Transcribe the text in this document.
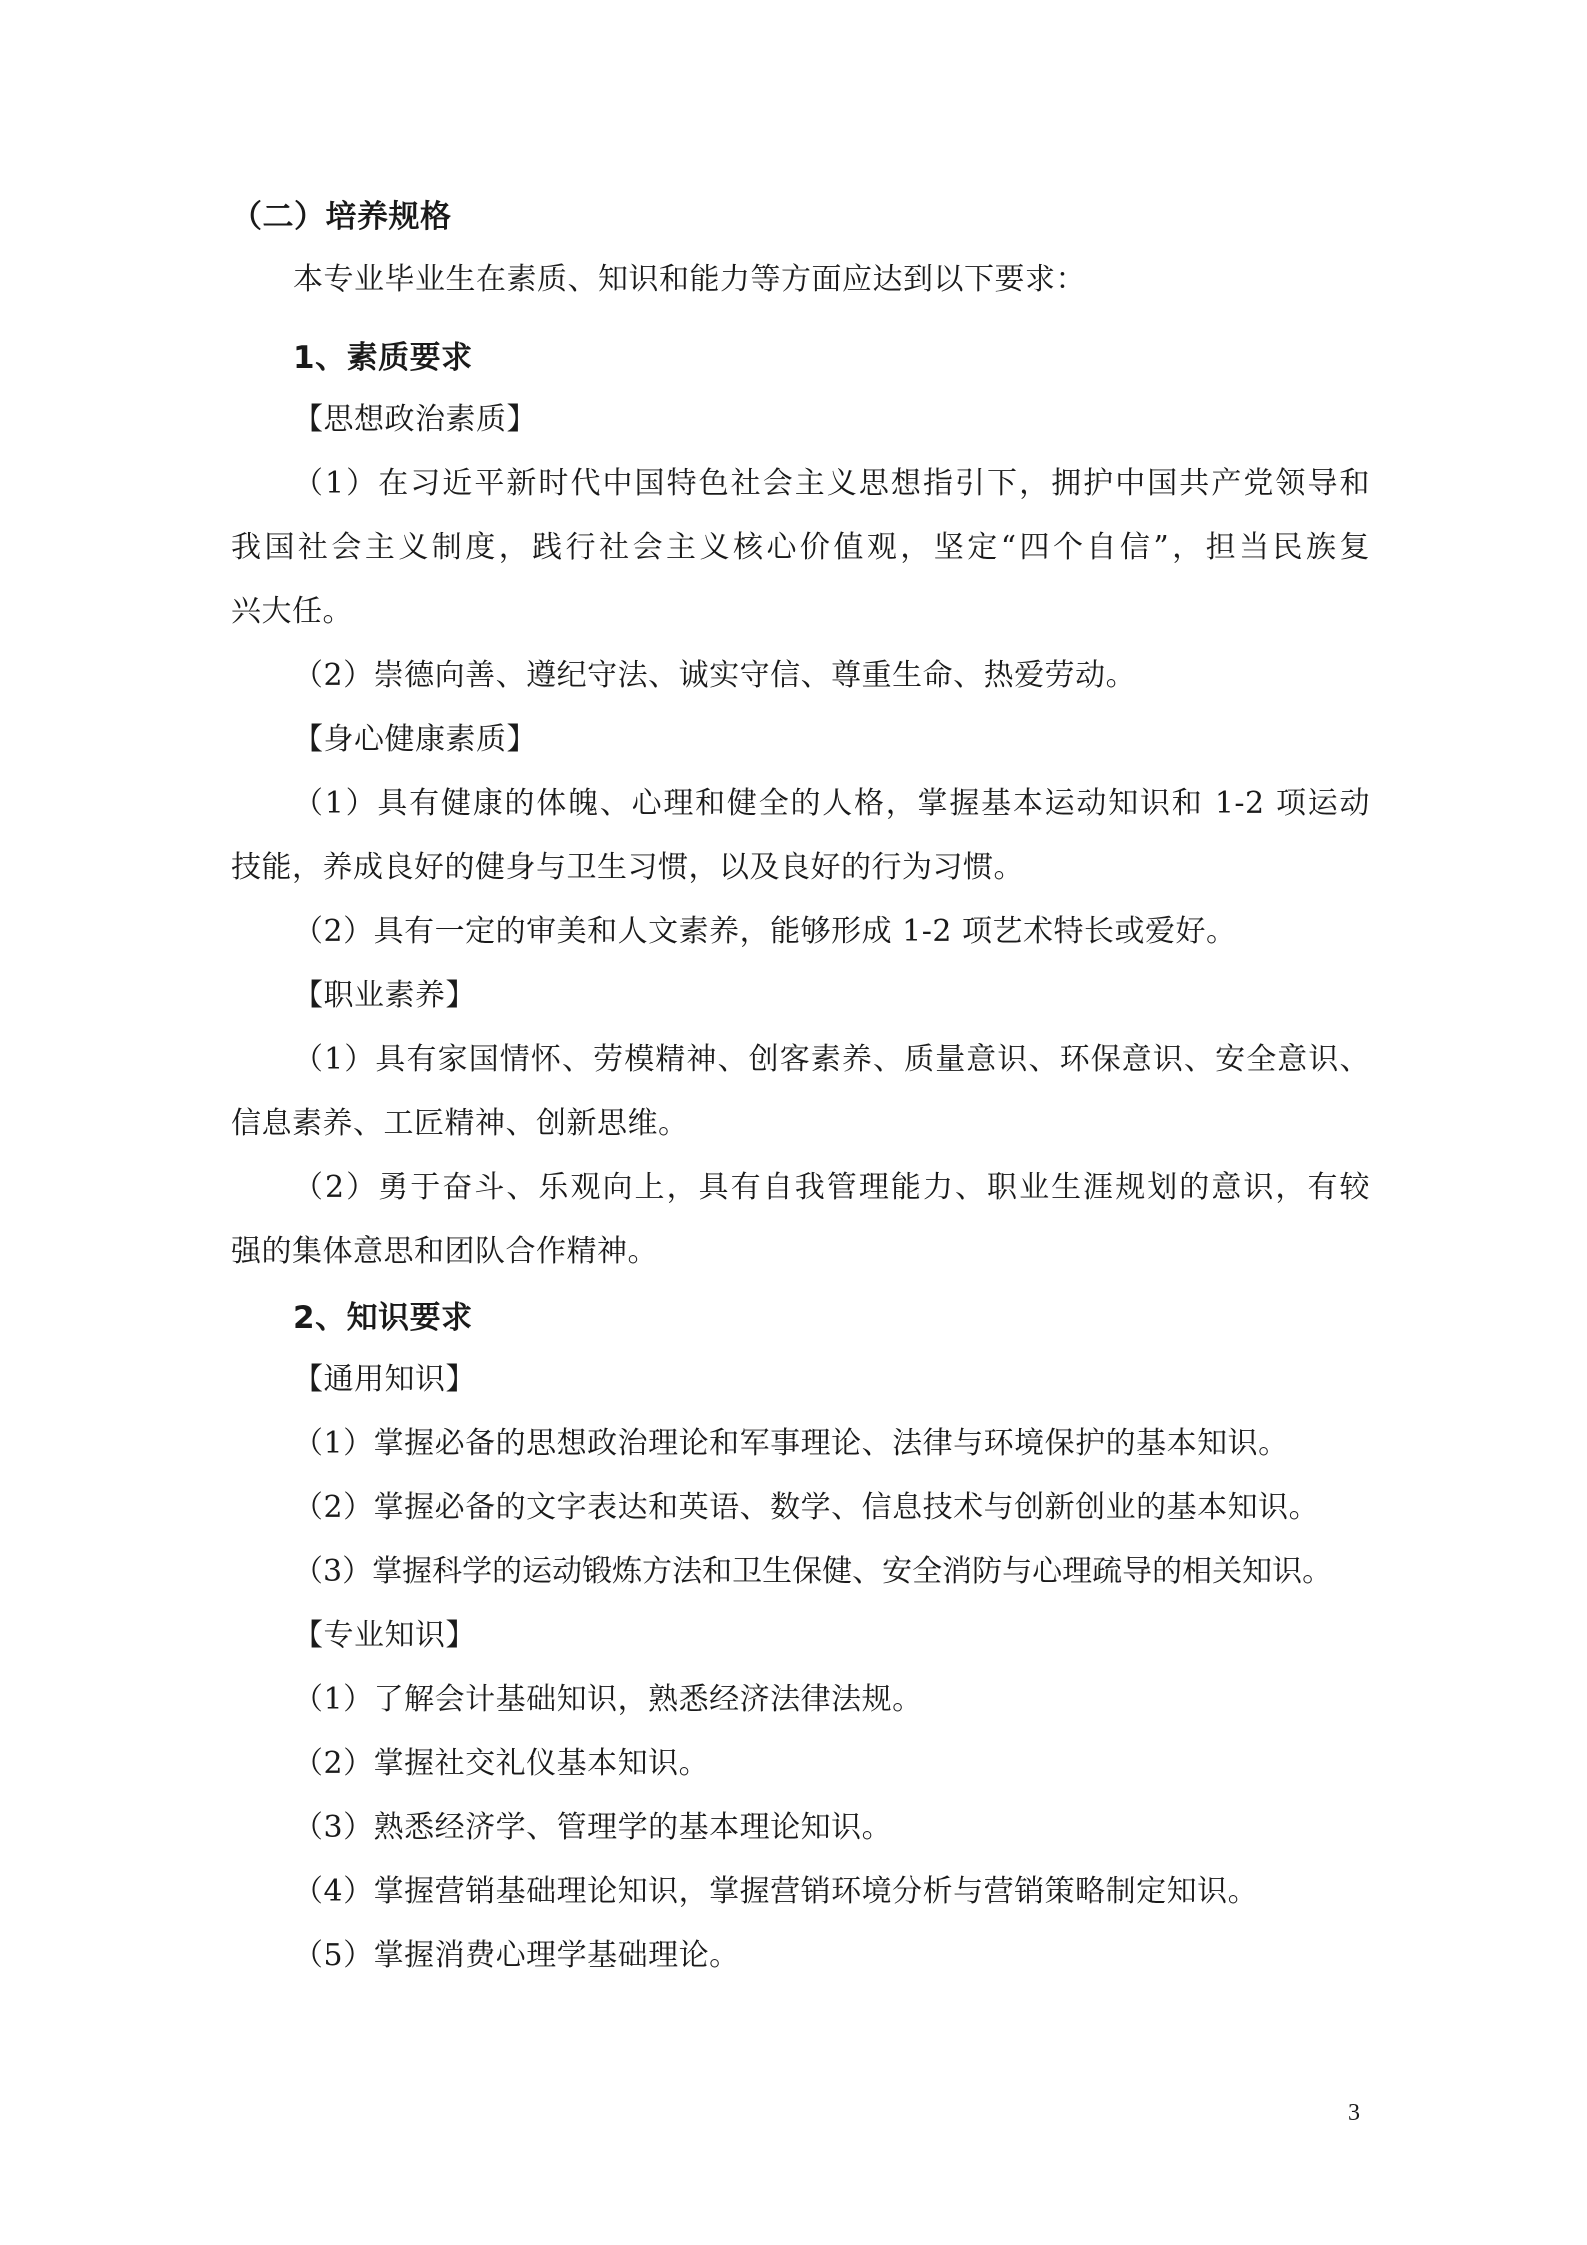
（二）培养规格
本专业毕业生在素质、知识和能力等方面应达到以下要求：
1、素质要求
【思想政治素质】
（1）在习近平新时代中国特色社会主义思想指引下，拥护中国共产党领导和
我国社会主义制度，践行社会主义核心价值观，坚定“四个自信”，担当民族复
兴大任。
（2）崇德向善、遵纪守法、诚实守信、尊重生命、热爱劳动。
【身心健康素质】
（1）具有健康的体魄、心理和健全的人格，掌握基本运动知识和 1-2 项运动
技能，养成良好的健身与卫生习惯，以及良好的行为习惯。
（2）具有一定的审美和人文素养，能够形成 1-2 项艺术特长或爱好。
【职业素养】
（1）具有家国情怀、劳模精神、创客素养、质量意识、环保意识、安全意识、
信息素养、工匠精神、创新思维。
（2）勇于奋斗、乐观向上，具有自我管理能力、职业生涯规划的意识，有较
强的集体意思和团队合作精神。
2、知识要求
【通用知识】
（1）掌握必备的思想政治理论和军事理论、法律与环境保护的基本知识。
（2）掌握必备的文字表达和英语、数学、信息技术与创新创业的基本知识。
（3）掌握科学的运动锻炼方法和卫生保健、安全消防与心理疏导的相关知识。
【专业知识】
（1）了解会计基础知识，熟悉经济法律法规。
（2）掌握社交礼仪基本知识。
（3）熟悉经济学、管理学的基本理论知识。
（4）掌握营销基础理论知识，掌握营销环境分析与营销策略制定知识。
（5）掌握消费心理学基础理论。
3
